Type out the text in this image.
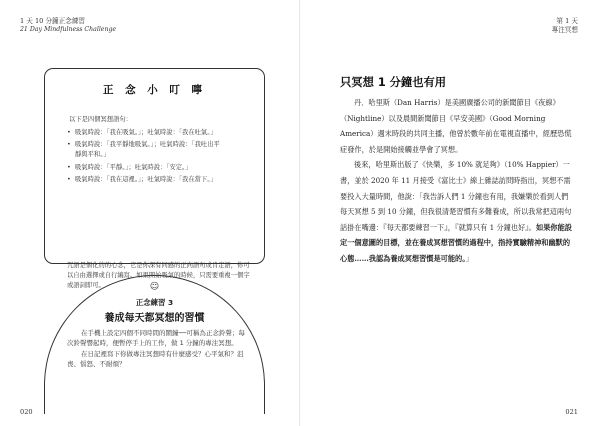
1 天 10 分鐘正念練習
21 Day Mindfulness Challenge
正 念 小 叮 嚀
以下是四個冥想語句：
• 吸氣時說：「我在吸氣。」；吐氣時說：「我在吐氣。」
• 吸氣時說：「我平靜地吸氣。」；吐氣時說：「我吐出平
靜與平和。」
• 吸氣時說：「平靜。」；吐氣時說：「安定。」
• 吸氣時說：「我在這裡。」；吐氣時說：「我在當下。」
咒語是個化約的心念，它是你深有同感的正向語句或肯定語，你可以自由選擇或自行編寫。如果開始吸氣的時候，只需要重複一個字或語詞即可。	☺
正念練習 3
養成每天都冥想的習慣

在手機上設定四個不同時間的鬧鐘──可稱為正念鈴聲；每次鈴聲響起時，便暫停手上的工作，做 1 分鐘的專注冥想。

在日記裡寫下你做專注冥想時有什麼感受？心平氣和？沮喪、惱怒、不耐煩？

020
第 1 天
專注冥想
只冥想 1 分鐘也有用

丹．哈里斯（Dan Harris）是美國廣播公司的新聞節目《夜線》（Nightline）以及晨間新聞節目《早安美國》（Good Morning America）週末時段的共同主播，他曾於數年前在電視直播中，經歷恐慌症發作，於是開始接觸並學會了冥想。

後來，哈里斯出版了《快樂，多 10% 就足夠》（10% Happier）一書，並於 2020 年 11 月接受《富比士》線上雜誌訪問時指出，冥想不需要投入大量時間，他說：「我告訴人們 1 分鐘也有用，我嫌樂於看到人們每天冥想 5 到 10 分鐘，但我很清楚習慣有多難養成，所以我常把這兩句話掛在嘴邊：『每天都要練習一下』，『就算只有 1 分鐘也好』。如果你能設定一個意圖的目標，並在養成冥想習慣的過程中，指持實驗精神和幽默的心態……我認為養成冥想習慣是可能的。」

021
